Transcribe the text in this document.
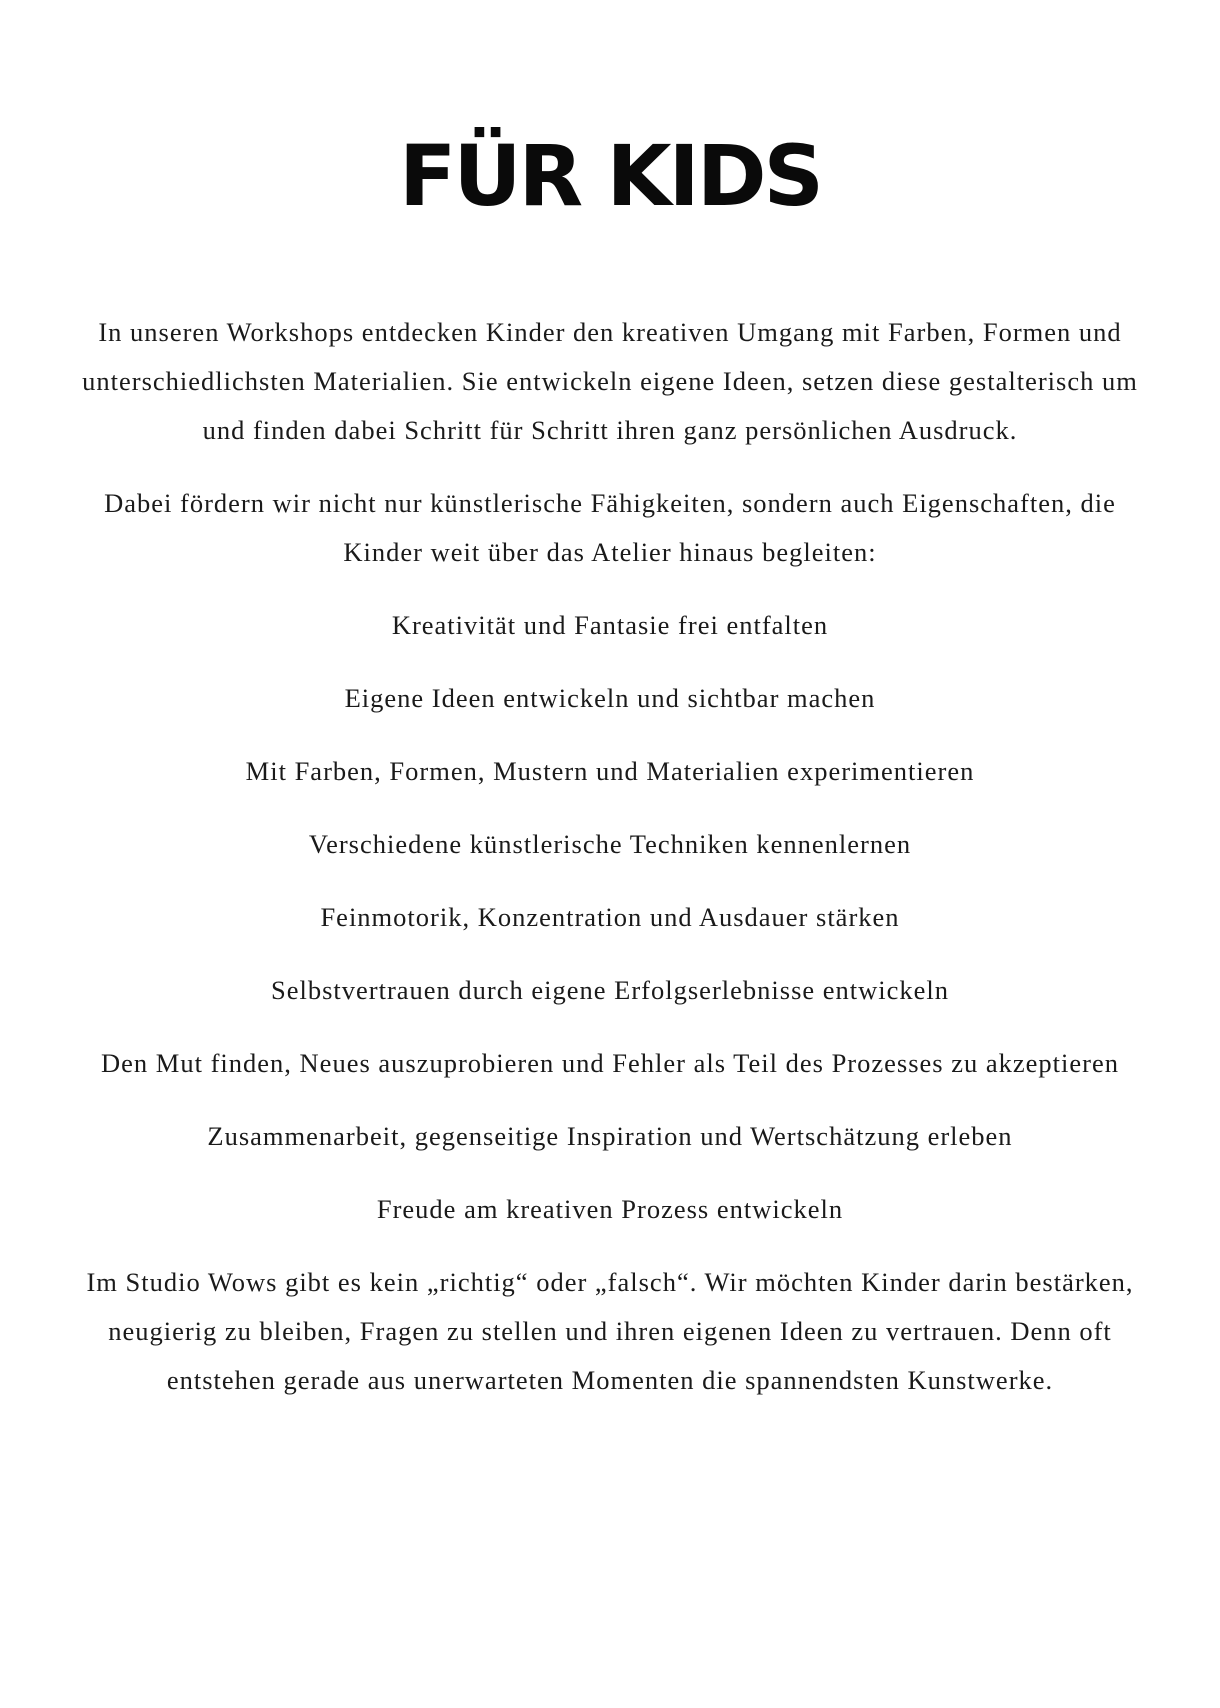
FÜR KIDS

In unseren Workshops entdecken Kinder den kreativen Umgang mit Farben, Formen und unterschiedlichsten Materialien. Sie entwickeln eigene Ideen, setzen diese gestalterisch um und finden dabei Schritt für Schritt ihren ganz persönlichen Ausdruck.

Dabei fördern wir nicht nur künstlerische Fähigkeiten, sondern auch Eigenschaften, die Kinder weit über das Atelier hinaus begleiten:

Kreativität und Fantasie frei entfalten
Eigene Ideen entwickeln und sichtbar machen
Mit Farben, Formen, Mustern und Materialien experimentieren
Verschiedene künstlerische Techniken kennenlernen
Feinmotorik, Konzentration und Ausdauer stärken
Selbstvertrauen durch eigene Erfolgserlebnisse entwickeln
Den Mut finden, Neues auszuprobieren und Fehler als Teil des Prozesses zu akzeptieren
Zusammenarbeit, gegenseitige Inspiration und Wertschätzung erleben
Freude am kreativen Prozess entwickeln

Im Studio Wows gibt es kein „richtig“ oder „falsch“. Wir möchten Kinder darin bestärken, neugierig zu bleiben, Fragen zu stellen und ihren eigenen Ideen zu vertrauen. Denn oft entstehen gerade aus unerwarteten Momenten die spannendsten Kunstwerke.
